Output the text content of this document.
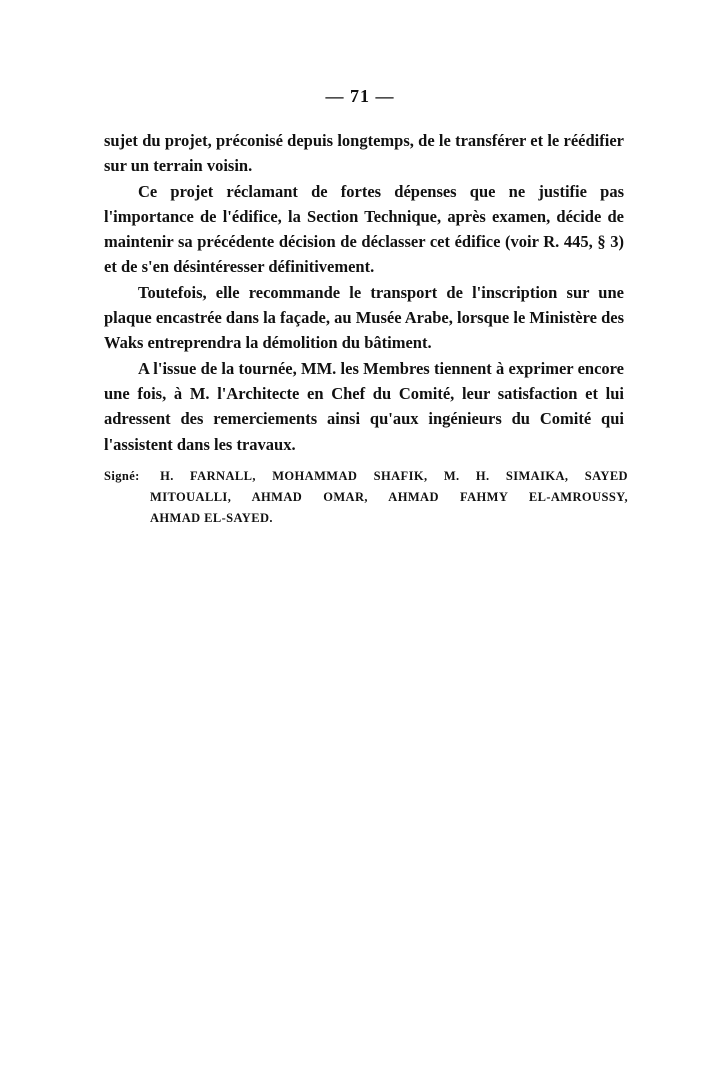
— 71 —

sujet du projet, préconisé depuis longtemps, de le transférer et le réédifier sur un terrain voisin.

Ce projet réclamant de fortes dépenses que ne justifie pas l'importance de l'édifice, la Section Technique, après examen, décide de maintenir sa précédente décision de déclasser cet édifice (voir R. 445, § 3) et de s'en désintéresser définitivement.

Toutefois, elle recommande le transport de l'inscription sur une plaque encastrée dans la façade, au Musée Arabe, lorsque le Ministère des Waks entreprendra la démolition du bâtiment.

A l'issue de la tournée, MM. les Membres tiennent à exprimer encore une fois, à M. l'Architecte en Chef du Comité, leur satisfaction et lui adressent des remerciements ainsi qu'aux ingénieurs du Comité qui l'assistent dans les travaux.

Signé: H. FARNALL, MOHAMMAD SHAFIK, M. H. SIMAIKA, SAYED
MITOUALLI, AHMAD OMAR, AHMAD FAHMY EL-AMROUSSY,
AHMAD EL-SAYED.
